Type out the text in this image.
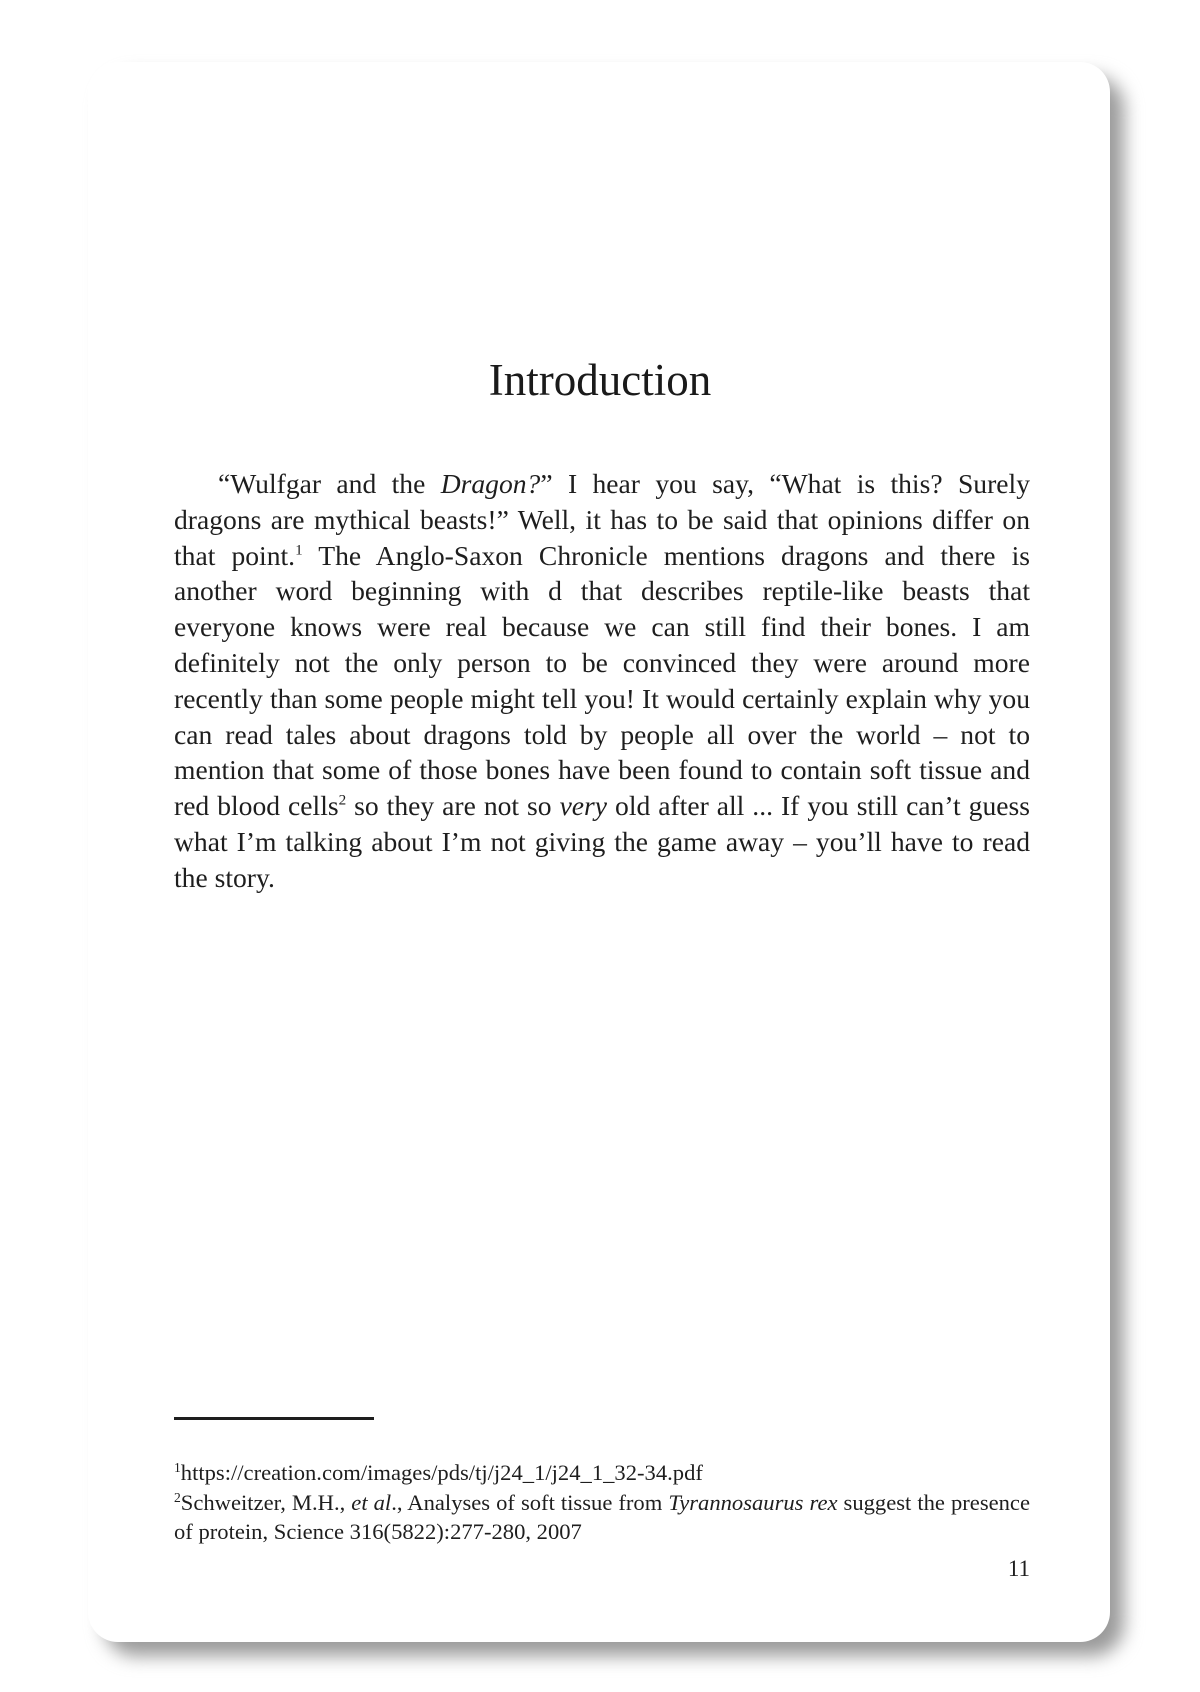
Introduction

“Wulfgar and the Dragon?” I hear you say, “What is this? Surely dragons are mythical beasts!” Well, it has to be said that opinions differ on that point.$^1$ The Anglo-Saxon Chronicle mentions dragons and there is another word beginning with d that describes reptile-like beasts that everyone knows were real because we can still find their bones. I am definitely not the only person to be convinced they were around more recently than some people might tell you! It would certainly explain why you can read tales about dragons told by people all over the world – not to mention that some of those bones have been found to contain soft tissue and red blood cells$^2$ so they are not so very old after all ... If you still can’t guess what I’m talking about I’m not giving the game away – you’ll have to read the story.

$^1$https://creation.com/images/pds/tj/j24_1/j24_1_32-34.pdf

$^2$Schweitzer, M.H., et al., Analyses of soft tissue from Tyrannosaurus rex suggest the presence of protein, Science 316(5822):277-280, 2007

11
